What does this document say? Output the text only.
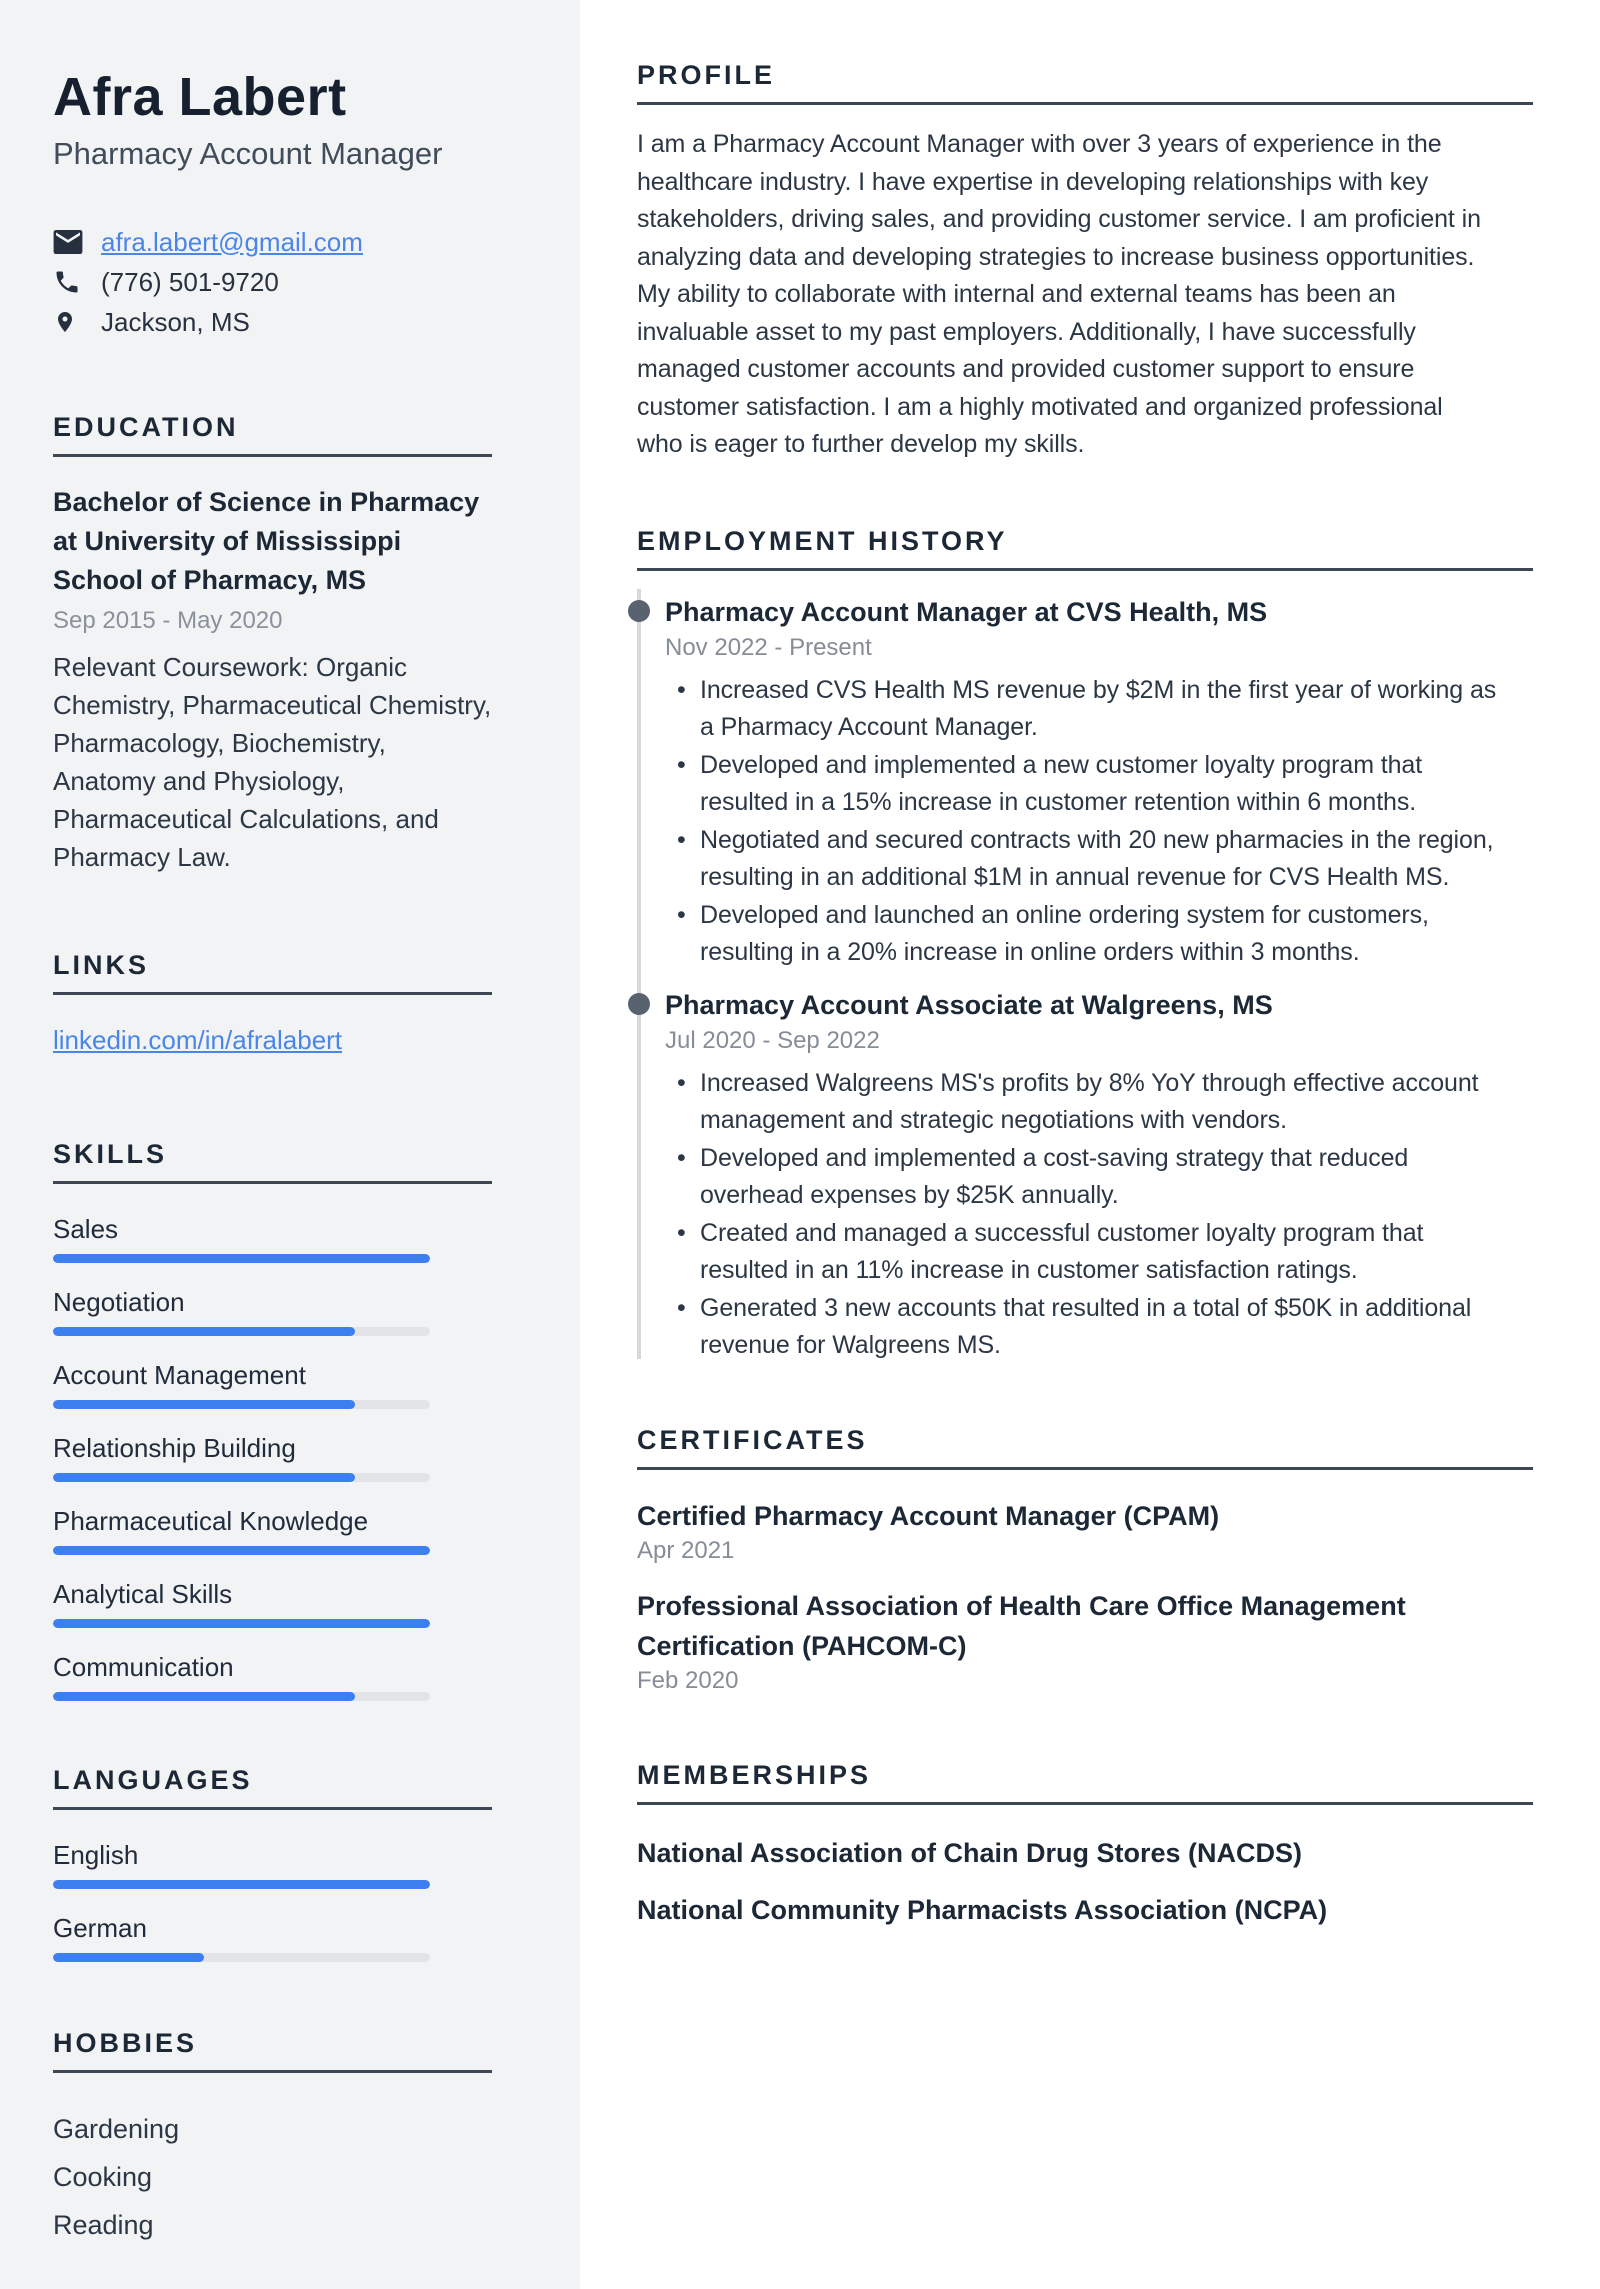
Afra Labert
Pharmacy Account Manager
afra.labert@gmail.com
(776) 501-9720
Jackson, MS
EDUCATION
Bachelor of Science in Pharmacy at University of Mississippi School of Pharmacy, MS
Sep 2015 - May 2020
Relevant Coursework: Organic Chemistry, Pharmaceutical Chemistry, Pharmacology, Biochemistry, Anatomy and Physiology, Pharmaceutical Calculations, and Pharmacy Law.
LINKS
linkedin.com/in/afralabert
SKILLS
Sales
Negotiation
Account Management
Relationship Building
Pharmaceutical Knowledge
Analytical Skills
Communication
LANGUAGES
English
German
HOBBIES
Gardening
Cooking
Reading
PROFILE

I am a Pharmacy Account Manager with over 3 years of experience in the healthcare industry. I have expertise in developing relationships with key stakeholders, driving sales, and providing customer service. I am proficient in analyzing data and developing strategies to increase business opportunities. My ability to collaborate with internal and external teams has been an invaluable asset to my past employers. Additionally, I have successfully managed customer accounts and provided customer support to ensure customer satisfaction. I am a highly motivated and organized professional who is eager to further develop my skills.

EMPLOYMENT HISTORY
Pharmacy Account Manager at CVS Health, MS
Nov 2022 - Present
•
Increased CVS Health MS revenue by $2M in the first year of working as a Pharmacy Account Manager.
•
Developed and implemented a new customer loyalty program that resulted in a 15% increase in customer retention within 6 months.
•
Negotiated and secured contracts with 20 new pharmacies in the region, resulting in an additional $1M in annual revenue for CVS Health MS.
•
Developed and launched an online ordering system for customers, resulting in a 20% increase in online orders within 3 months.
Pharmacy Account Associate at Walgreens, MS
Jul 2020 - Sep 2022
•
Increased Walgreens MS's profits by 8% YoY through effective account management and strategic negotiations with vendors.
•
Developed and implemented a cost-saving strategy that reduced overhead expenses by $25K annually.
•
Created and managed a successful customer loyalty program that resulted in an 11% increase in customer satisfaction ratings.
•
Generated 3 new accounts that resulted in a total of $50K in additional revenue for Walgreens MS.
CERTIFICATES
Certified Pharmacy Account Manager (CPAM)
Apr 2021
Professional Association of Health Care Office Management Certification (PAHCOM-C)
Feb 2020
MEMBERSHIPS
National Association of Chain Drug Stores (NACDS)
National Community Pharmacists Association (NCPA)
